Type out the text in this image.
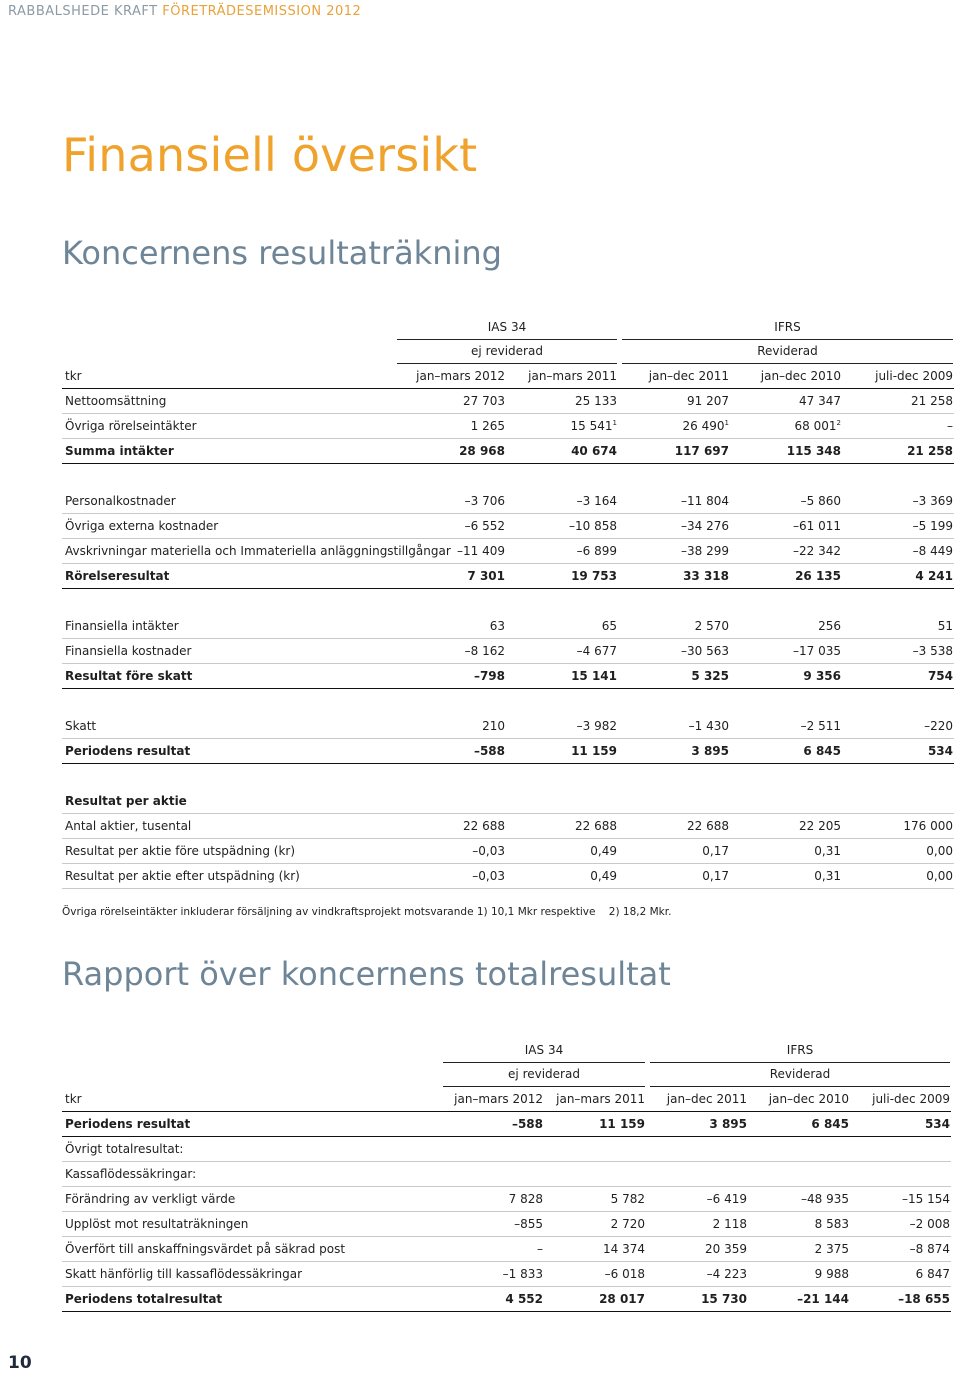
RABBALSHEDE KRAFT FÖRETRÄDESEMISSION 2012
Finansiell översikt
Koncernens resultaträkning
IAS 34	IFRS
ej reviderad	Reviderad
tkr	jan–mars 2012 jan–mars 2011	jan–dec 2011	jan–dec 2010	juli-dec 2009
Nettoomsättning	27 703	25 133	91 207	47 347	21 258
Övriga rörelseintäkter	1 265	15 $541^1$	26 $490^1$	68 $001^2$	–
Summa intäkter	28 968	40 674	117 697	115 348	21 258
Personalkostnader	–3 706	–3 164	–11 804	–5 860	–3 369
Övriga externa kostnader	–6 552	–10 858	–34 276	–61 011	–5 199
Avskrivningar materiella och Immateriella anläggningstillgångar –11 409	–6 899	–38 299	–22 342	–8 449
Rörelseresultat	7 301	19 753	33 318	26 135	4 241
Finansiella intäkter	63	65	2 570	256	51
Finansiella kostnader	–8 162	–4 677	–30 563	–17 035	–3 538
Resultat före skatt	–798	15 141	5 325	9 356	754
Skatt	210	–3 982	–1 430	–2 511	–220
Periodens resultat	–588	11 159	3 895	6 845	534
Resultat per aktie
Antal aktier, tusental	22 688	22 688	22 688	22 205	176 000
Resultat per aktie före utspädning (kr)	–0,03	0,49	0,17	0,31	0,00
Resultat per aktie efter utspädning (kr)	–0,03	0,49	0,17	0,31	0,00
Övriga rörelseintäkter inkluderar försäljning av vindkraftsprojekt motsvarande 1) 10,1 Mkr respektive    2) 18,2 Mkr.
Rapport över koncernens totalresultat
IAS 34	IFRS
ej reviderad	Reviderad
tkr	jan–mars 2012 jan–mars 2011 jan–dec 2011 jan–dec 2010 juli-dec 2009
Periodens resultat	–588	11 159	3 895	6 845	534
Övrigt totalresultat:
Kassaflödessäkringar:
Förändring av verkligt värde	7 828	5 782	–6 419	–48 935	–15 154
Upplöst mot resultaträkningen	–855	2 720	2 118	8 583	–2 008
Överfört till anskaffningsvärdet på säkrad post	–	14 374	20 359	2 375	–8 874
Skatt hänförlig till kassaflödessäkringar	–1 833	–6 018	–4 223	9 988	6 847
Periodens totalresultat	4 552	28 017	15 730	–21 144	–18 655
10
